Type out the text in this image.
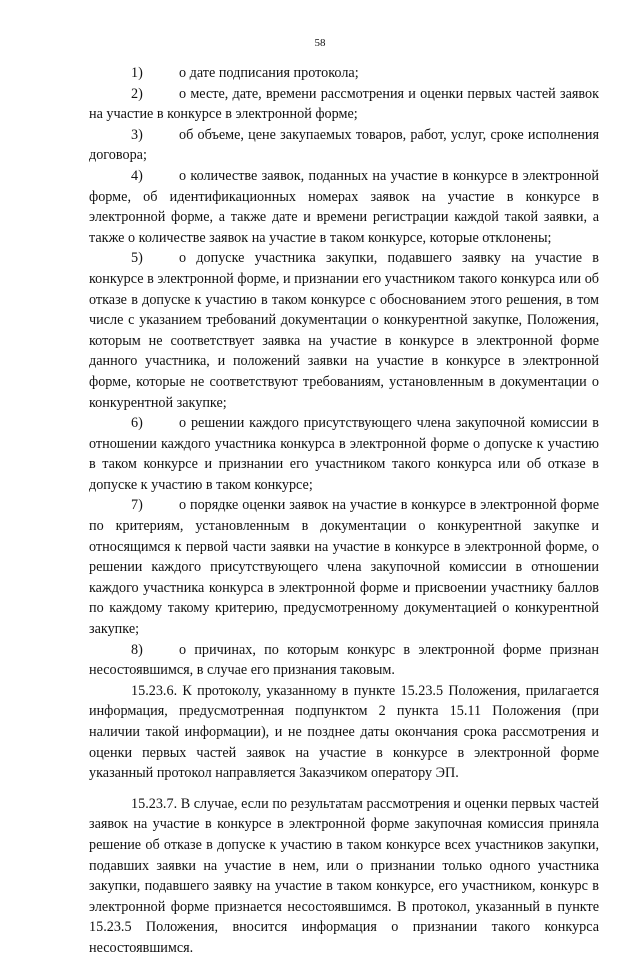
58

1)	о дате подписания протокола;

2)	о месте, дате, времени рассмотрения и оценки первых частей заявок на участие в конкурсе в электронной форме;

3)	об объеме, цене закупаемых товаров, работ, услуг, сроке исполнения договора;

4)	о количестве заявок, поданных на участие в конкурсе в электронной форме, об идентификационных номерах заявок на участие в конкурсе в электронной форме, а также дате и времени регистрации каждой такой заявки, а также о количестве заявок на участие в таком конкурсе, которые отклонены;

5)	о допуске участника закупки, подавшего заявку на участие в конкурсе в электронной форме, и признании его участником такого конкурса или об отказе в допуске к участию в таком конкурсе с обоснованием этого решения, в том числе с указанием требований документации о конкурентной закупке, Положения, которым не соответствует заявка на участие в конкурсе в электронной форме данного участника, и положений заявки на участие в конкурсе в электронной форме, которые не соответствуют требованиям, установленным в документации о конкурентной закупке;

6)	о решении каждого присутствующего члена закупочной комиссии в отношении каждого участника конкурса в электронной форме о допуске к участию в таком конкурсе и признании его участником такого конкурса или об отказе в допуске к участию в таком конкурсе;

7)	о порядке оценки заявок на участие в конкурсе в электронной форме по критериям, установленным в документации о конкурентной закупке и относящимся к первой части заявки на участие в конкурсе в электронной форме, о решении каждого присутствующего члена закупочной комиссии в отношении каждого участника конкурса в электронной форме и присвоении участнику баллов по каждому такому критерию, предусмотренному документацией о конкурентной закупке;

8)	о причинах, по которым конкурс в электронной форме признан несостоявшимся, в случае его признания таковым.

15.23.6. К протоколу, указанному в пункте 15.23.5 Положения, прилагается информация, предусмотренная подпунктом 2 пункта 15.11 Положения (при наличии такой информации), и не позднее даты окончания срока рассмотрения и оценки первых частей заявок на участие в конкурсе в электронной форме указанный протокол направляется Заказчиком оператору ЭП.

15.23.7. В случае, если по результатам рассмотрения и оценки первых частей заявок на участие в конкурсе в электронной форме закупочная комиссия приняла решение об отказе в допуске к участию в таком конкурсе всех участников закупки, подавших заявки на участие в нем, или о признании только одного участника закупки, подавшего заявку на участие в таком конкурсе, его участником, конкурс в электронной форме признается несостоявшимся. В протокол, указанный в пункте 15.23.5 Положения, вносится информация о признании такого конкурса несостоявшимся.
